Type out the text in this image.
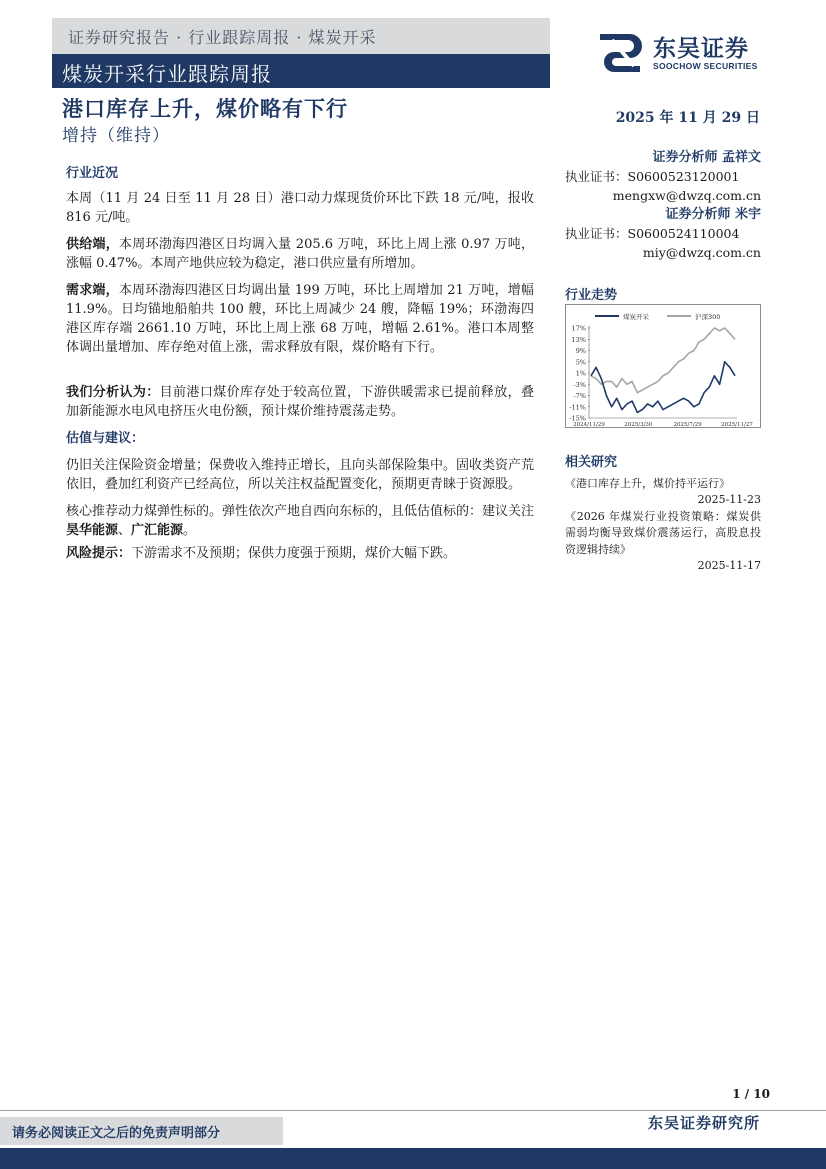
证券研究报告 · 行业跟踪周报 · 煤炭开采
煤炭开采行业跟踪周报
东吴证券
SOOCHOW SECURITIES
港口库存上升，煤价略有下行	2025 年 11 月 29 日
增持（维持）
行业近况
本周（11 月 24 日至 11 月 28 日）港口动力煤现货价环比下跌 18 元/吨，报收 816 元/吨。
供给端，本周环渤海四港区日均调入量 205.6 万吨，环比上周上涨 0.97 万吨，涨幅 0.47%。本周产地供应较为稳定，港口供应量有所增加。
需求端，本周环渤海四港区日均调出量 199 万吨，环比上周增加 21 万吨，增幅 11.9%。日均锚地船舶共 100 艘，环比上周减少 24 艘，降幅 19%；环渤海四港区库存端 2661.10 万吨，环比上周上涨 68 万吨，增幅 2.61%。港口本周整体调出量增加、库存绝对值上涨，需求释放有限，煤价略有下行。
我们分析认为：目前港口煤价库存处于较高位置，下游供暖需求已提前释放，叠加新能源水电风电挤压火电份额，预计煤价维持震荡走势。
估值与建议：
仍旧关注保险资金增量；保费收入维持正增长，且向头部保险集中。固收类资产荒依旧，叠加红利资产已经高位，所以关注权益配置变化，预期更青睐于资源股。
核心推荐动力煤弹性标的。弹性依次产地自西向东标的，且低估值标的：建议关注昊华能源、广汇能源。
风险提示：下游需求不及预期；保供力度强于预期，煤价大幅下跌。
证券分析师 孟祥文
执业证书：S0600523120001
mengxw@dwzq.com.cn
证券分析师 米宇
执业证书：S0600524110004
miy@dwzq.com.cn
行业走势
17%
13%
9%
5%
1%
-3%
-7%
-11%
-15%
2024/11/29	2025/3/30	2025/7/29	2025/11/27
煤炭开采	沪深300
相关研究
《港口库存上升，煤价持平运行》
2025-11-23
《2026 年煤炭行业投资策略：煤炭供需弱均衡导致煤价震荡运行，高股息投资逻辑持续》
2025-11-17
1 / 10
请务必阅读正文之后的免责声明部分
东吴证券研究所
